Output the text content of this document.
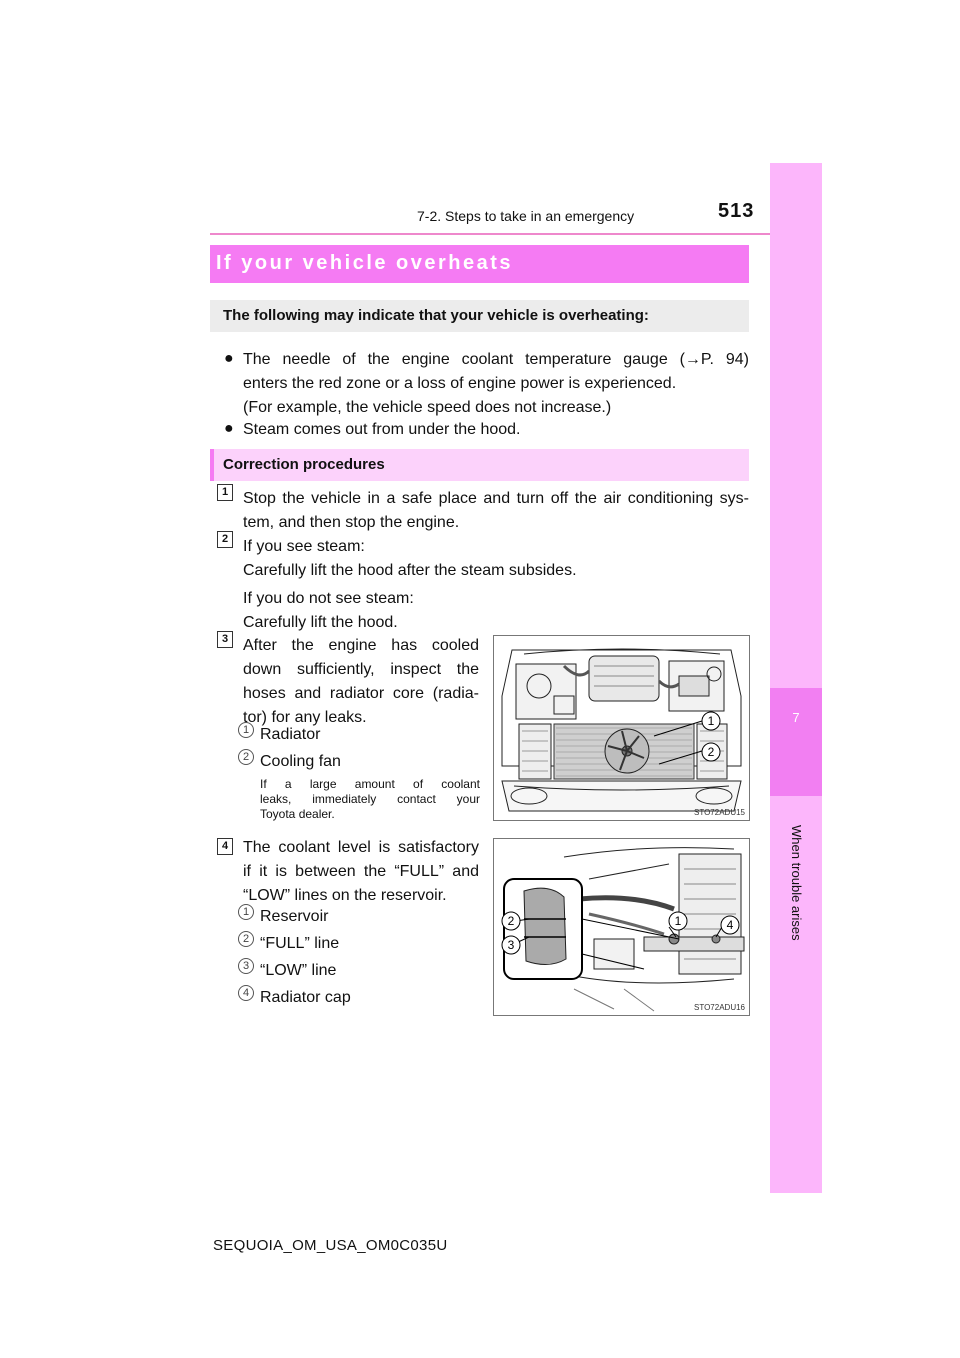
7-2. Steps to take in an emergency	513
7
When trouble arises
If your vehicle overheats
The following may indicate that your vehicle is overheating:
● The needle of the engine coolant temperature gauge (→P. 94)
enters the red zone or a loss of engine power is experienced.
(For example, the vehicle speed does not increase.)
● Steam comes out from under the hood.
Correction procedures
1 Stop the vehicle in a safe place and turn off the air conditioning sys-
tem, and then stop the engine.
2 If you see steam:
Carefully lift the hood after the steam subsides.
If you do not see steam:
Carefully lift the hood.
3 After the engine has cooled
down sufficiently, inspect the
hoses and radiator core (radia-
tor) for any leaks.
1 Radiator
2 Cooling fan
If a large amount of coolant
leaks, immediately contact your
Toyota dealer.
1
2
STO72ADU15
4 The coolant level is satisfactory
if it is between the “FULL” and
“LOW” lines on the reservoir.
1 Reservoir
2 “FULL” line
3 “LOW” line
4 Radiator cap
1
2
3
4
STO72ADU16
SEQUOIA_OM_USA_OM0C035U
